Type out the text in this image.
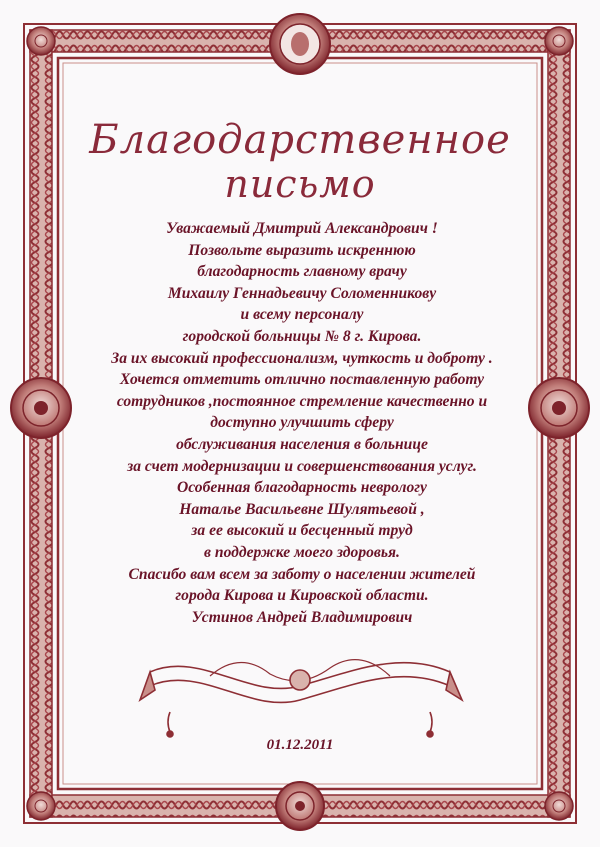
Благодарственное
письмо
Уважаемый Дмитрий Александрович !
Позвольте выразить искреннюю
благодарность главному врачу
Михаилу Геннадьевичу Соломенникову
и всему персоналу
городской больницы № 8 г. Кирова.
За их высокий профессионализм, чуткость и доброту .
Хочется отметить отлично поставленную работу
сотрудников ,постоянное стремление качественно и
доступно улучшить сферу
обслуживания населения в больнице
за счет модернизации и совершенствования услуг.
Особенная благодарность неврологу
Наталье Васильевне Шулятьевой ,
за ее высокий и бесценный труд
в поддержке моего здоровья.
Спасибо вам всем за заботу о населении жителей
города Кирова и Кировской области.
Устинов Андрей Владимирович
01.12.2011
